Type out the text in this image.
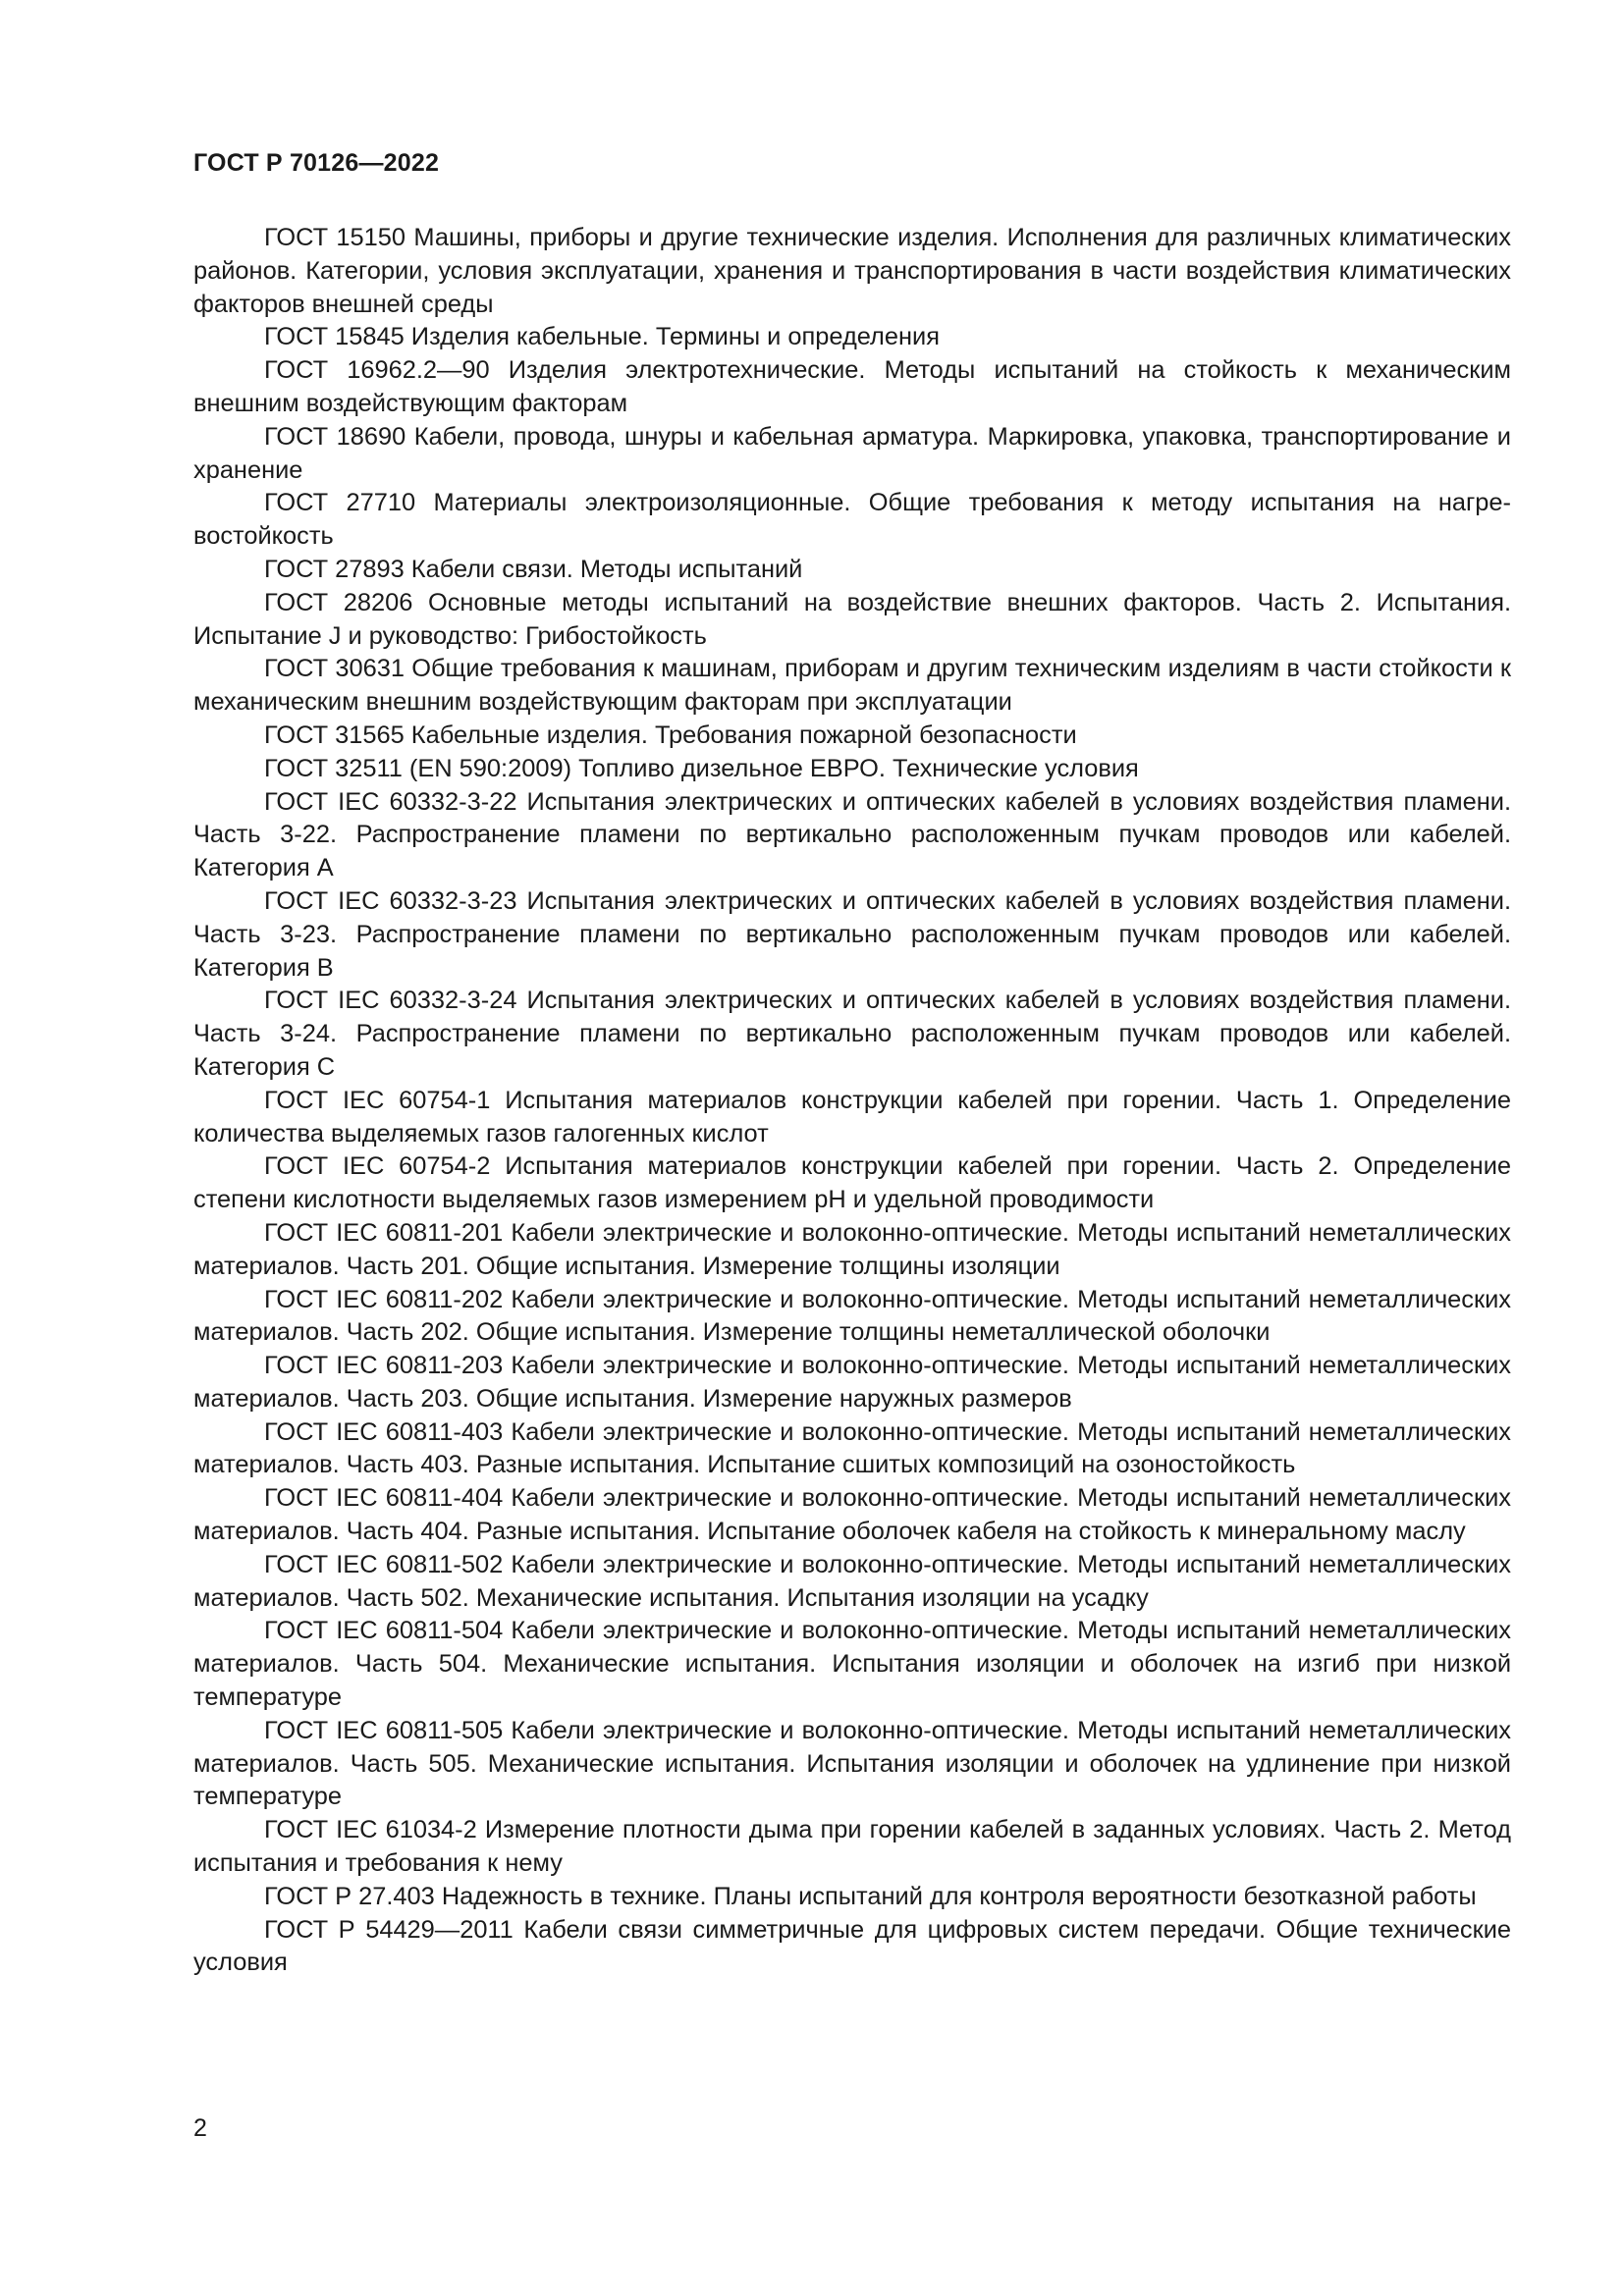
ГОСТ Р 70126—2022

ГОСТ 15150 Машины, приборы и другие технические изделия. Исполнения для различных климатических районов. Категории, условия эксплуатации, хранения и транспортирования в части воздействия климатических факторов внешней среды

ГОСТ 15845 Изделия кабельные. Термины и определения

ГОСТ 16962.2—90 Изделия электротехнические. Методы испытаний на стойкость к механическим внешним воздействующим факторам

ГОСТ 18690 Кабели, провода, шнуры и кабельная арматура. Маркировка, упаковка, транспортирование и хранение

ГОСТ 27710 Материалы электроизоляционные. Общие требования к методу испытания на нагревостойкость

ГОСТ 27893 Кабели связи. Методы испытаний

ГОСТ 28206 Основные методы испытаний на воздействие внешних факторов. Часть 2. Испытания. Испытание J и руководство: Грибостойкость

ГОСТ 30631 Общие требования к машинам, приборам и другим техническим изделиям в части стойкости к механическим внешним воздействующим факторам при эксплуатации

ГОСТ 31565 Кабельные изделия. Требования пожарной безопасности

ГОСТ 32511 (EN 590:2009) Топливо дизельное ЕВРО. Технические условия

ГОСТ IEC 60332-3-22 Испытания электрических и оптических кабелей в условиях воздействия пламени. Часть 3-22. Распространение пламени по вертикально расположенным пучкам проводов или кабелей. Категория А

ГОСТ IEC 60332-3-23 Испытания электрических и оптических кабелей в условиях воздействия пламени. Часть 3-23. Распространение пламени по вертикально расположенным пучкам проводов или кабелей. Категория В

ГОСТ IEC 60332-3-24 Испытания электрических и оптических кабелей в условиях воздействия пламени. Часть 3-24. Распространение пламени по вертикально расположенным пучкам проводов или кабелей. Категория С

ГОСТ IEC 60754-1 Испытания материалов конструкции кабелей при горении. Часть 1. Определение количества выделяемых газов галогенных кислот

ГОСТ IEC 60754-2 Испытания материалов конструкции кабелей при горении. Часть 2. Определение степени кислотности выделяемых газов измерением pH и удельной проводимости

ГОСТ IEC 60811-201 Кабели электрические и волоконно-оптические. Методы испытаний неметаллических материалов. Часть 201. Общие испытания. Измерение толщины изоляции

ГОСТ IEC 60811-202 Кабели электрические и волоконно-оптические. Методы испытаний неметаллических материалов. Часть 202. Общие испытания. Измерение толщины неметаллической оболочки

ГОСТ IEC 60811-203 Кабели электрические и волоконно-оптические. Методы испытаний неметаллических материалов. Часть 203. Общие испытания. Измерение наружных размеров

ГОСТ IEC 60811-403 Кабели электрические и волоконно-оптические. Методы испытаний неметаллических материалов. Часть 403. Разные испытания. Испытание сшитых композиций на озоностойкость

ГОСТ IEC 60811-404 Кабели электрические и волоконно-оптические. Методы испытаний неметаллических материалов. Часть 404. Разные испытания. Испытание оболочек кабеля на стойкость к минеральному маслу

ГОСТ IEC 60811-502 Кабели электрические и волоконно-оптические. Методы испытаний неметаллических материалов. Часть 502. Механические испытания. Испытания изоляции на усадку

ГОСТ IEC 60811-504 Кабели электрические и волоконно-оптические. Методы испытаний неметаллических материалов. Часть 504. Механические испытания. Испытания изоляции и оболочек на изгиб при низкой температуре

ГОСТ IEC 60811-505 Кабели электрические и волоконно-оптические. Методы испытаний неметаллических материалов. Часть 505. Механические испытания. Испытания изоляции и оболочек на удлинение при низкой температуре

ГОСТ IEC 61034-2 Измерение плотности дыма при горении кабелей в заданных условиях. Часть 2. Метод испытания и требования к нему

ГОСТ Р 27.403 Надежность в технике. Планы испытаний для контроля вероятности безотказной работы

ГОСТ Р 54429—2011 Кабели связи симметричные для цифровых систем передачи. Общие технические условия

2
